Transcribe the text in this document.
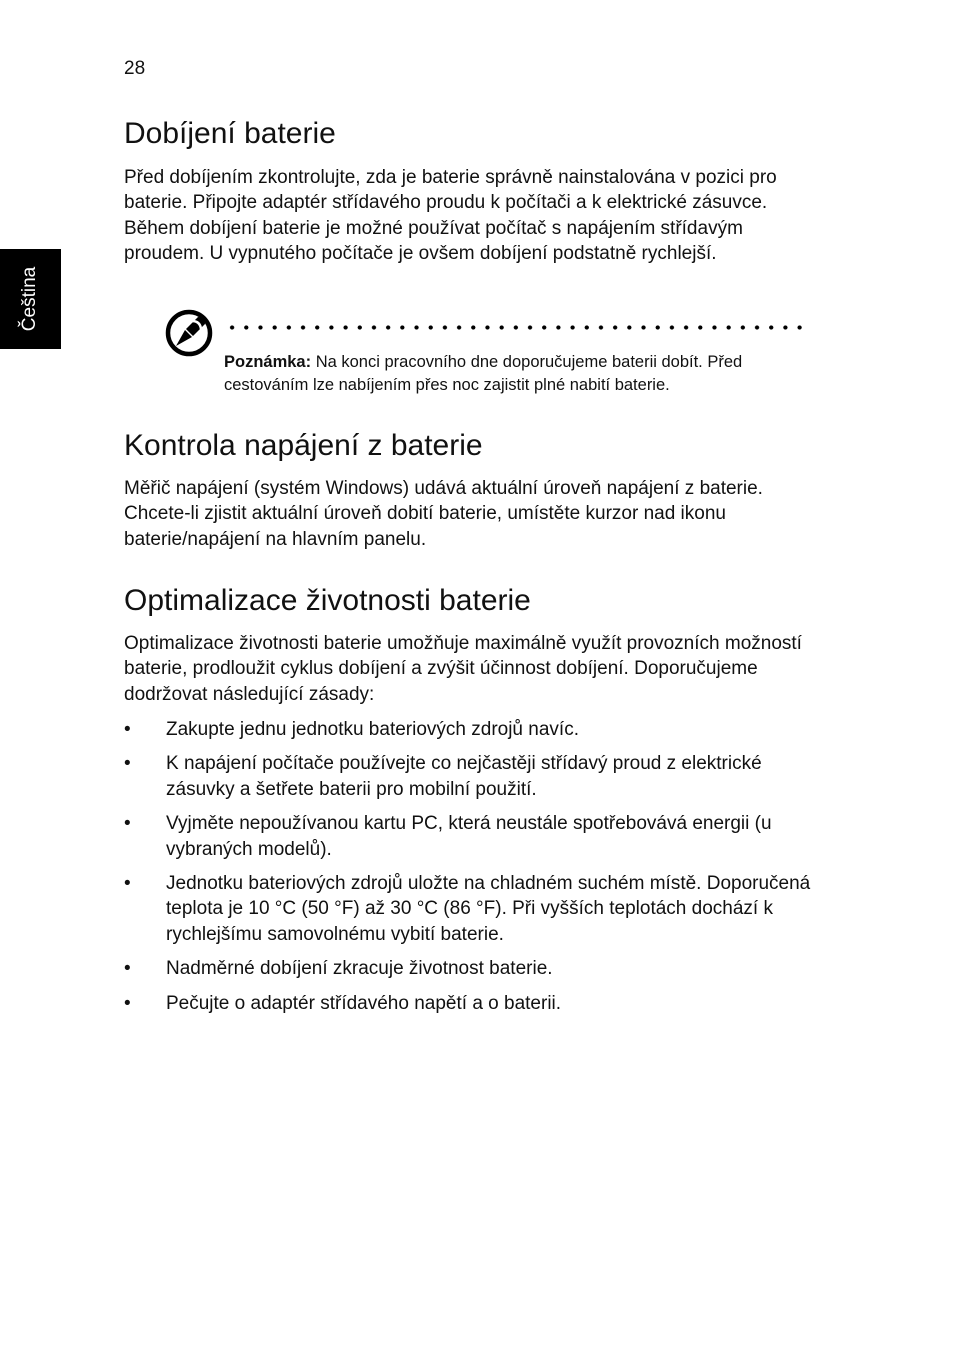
28
Čeština
Dobíjení baterie

Před dobíjením zkontrolujte, zda je baterie správně nainstalována v pozici pro baterie. Připojte adaptér střídavého proudu k počítači a k elektrické zásuvce. Během dobíjení baterie je možné používat počítač s napájením střídavým proudem. U vypnutého počítače je ovšem dobíjení podstatně rychlejší.

Kontrola napájení z baterie

Měřič napájení (systém Windows) udává aktuální úroveň napájení z baterie. Chcete-li zjistit aktuální úroveň dobití baterie, umístěte kurzor nad ikonu baterie/napájení na hlavním panelu.

Optimalizace životnosti baterie

Optimalizace životnosti baterie umožňuje maximálně využít provozních možností baterie, prodloužit cyklus dobíjení a zvýšit účinnost dobíjení. Doporučujeme dodržovat následující zásady:

• Zakupte jednu jednotku bateriových zdrojů navíc.
• K napájení počítače používejte co nejčastěji střídavý proud z elektrické zásuvky a šetřete baterii pro mobilní použití.
• Vyjměte nepoužívanou kartu PC, která neustále spotřebovává energii (u vybraných modelů).
• Jednotku bateriových zdrojů uložte na chladném suchém místě. Doporučená teplota je 10 °C (50 °F) až 30 °C (86 °F). Při vyšších teplotách dochází k rychlejšímu samovolnému vybití baterie.
• Nadměrné dobíjení zkracuje životnost baterie.
• Pečujte o adaptér střídavého napětí a o baterii.

Poznámka: Na konci pracovního dne doporučujeme baterii dobít. Před cestováním lze nabíjením přes noc zajistit plné nabití baterie.
